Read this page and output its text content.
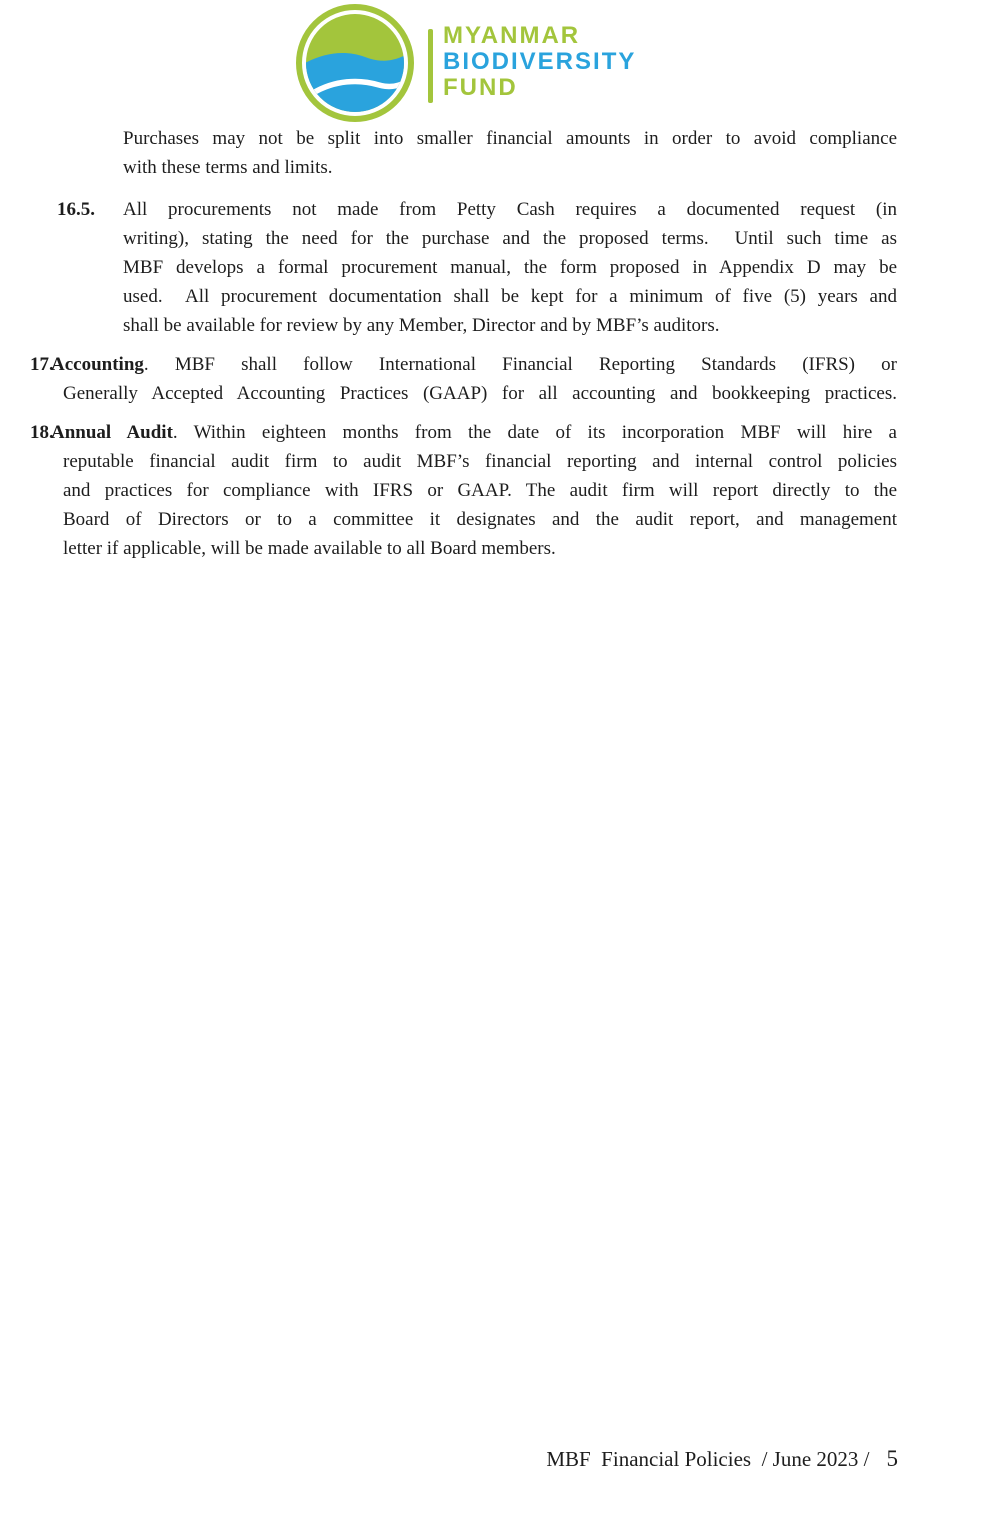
MYANMAR
BIODIVERSITY
FUND
Purchases may not be split into smaller financial amounts in order to avoid compliance
with these terms and limits.
16.5. All procurements not made from Petty Cash requires a documented request (in
writing), stating the need for the purchase and the proposed terms.  Until such time as
MBF develops a formal procurement manual, the form proposed in Appendix D may be
used.  All procurement documentation shall be kept for a minimum of five (5) years and
shall be available for review by any Member, Director and by MBF’s auditors.
17.Accounting. MBF shall follow International Financial Reporting Standards (IFRS) or
Generally Accepted Accounting Practices (GAAP) for all accounting and bookkeeping practices.
18.Annual Audit. Within eighteen months from the date of its incorporation MBF will hire a
reputable financial audit firm to audit MBF’s financial reporting and internal control policies
and practices for compliance with IFRS or GAAP. The audit firm will report directly to the
Board of Directors or to a committee it designates and the audit report, and management
letter if applicable, will be made available to all Board members.
MBF  Financial Policies  / June 2023 / 5
